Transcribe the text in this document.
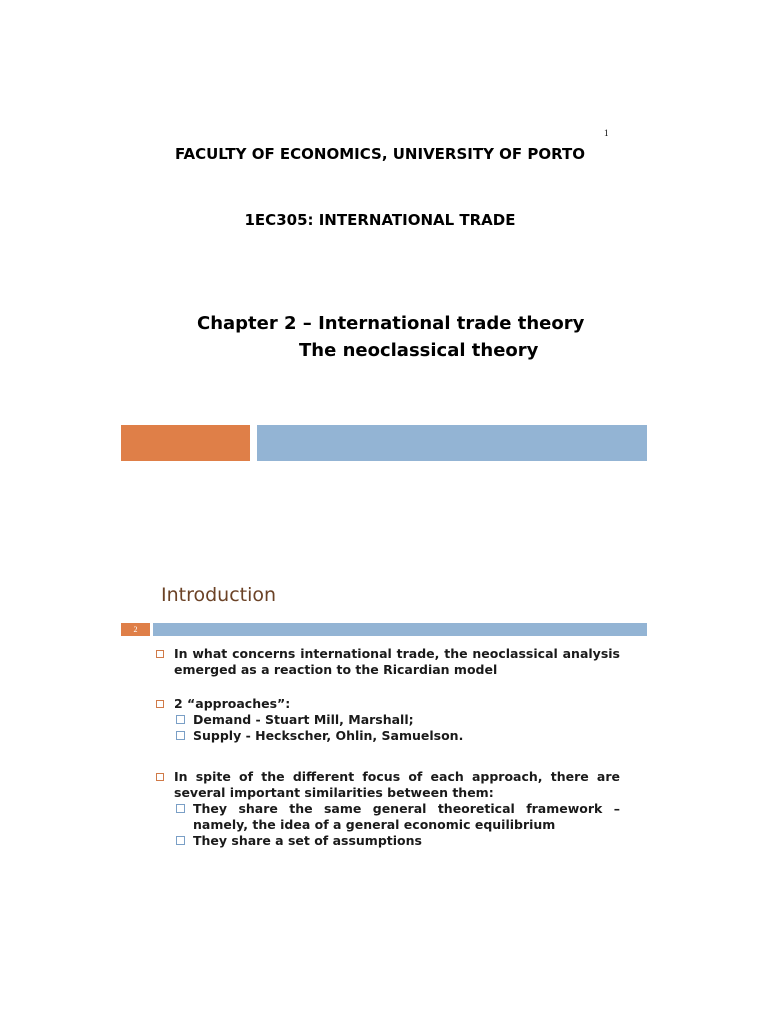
1
FACULTY OF ECONOMICS, UNIVERSITY OF PORTO
1EC305: INTERNATIONAL TRADE
Chapter 2 – International trade theory
The neoclassical theory
Introduction
2
In what concerns international trade, the neoclassical analysis emerged as a reaction to the Ricardian model
2 “approaches”:
Demand - Stuart Mill, Marshall;
Supply - Heckscher, Ohlin, Samuelson.
In spite of the different focus of each approach, there are several important similarities between them:
They share the same general theoretical framework – namely, the idea of a general economic equilibrium
They share a set of assumptions
